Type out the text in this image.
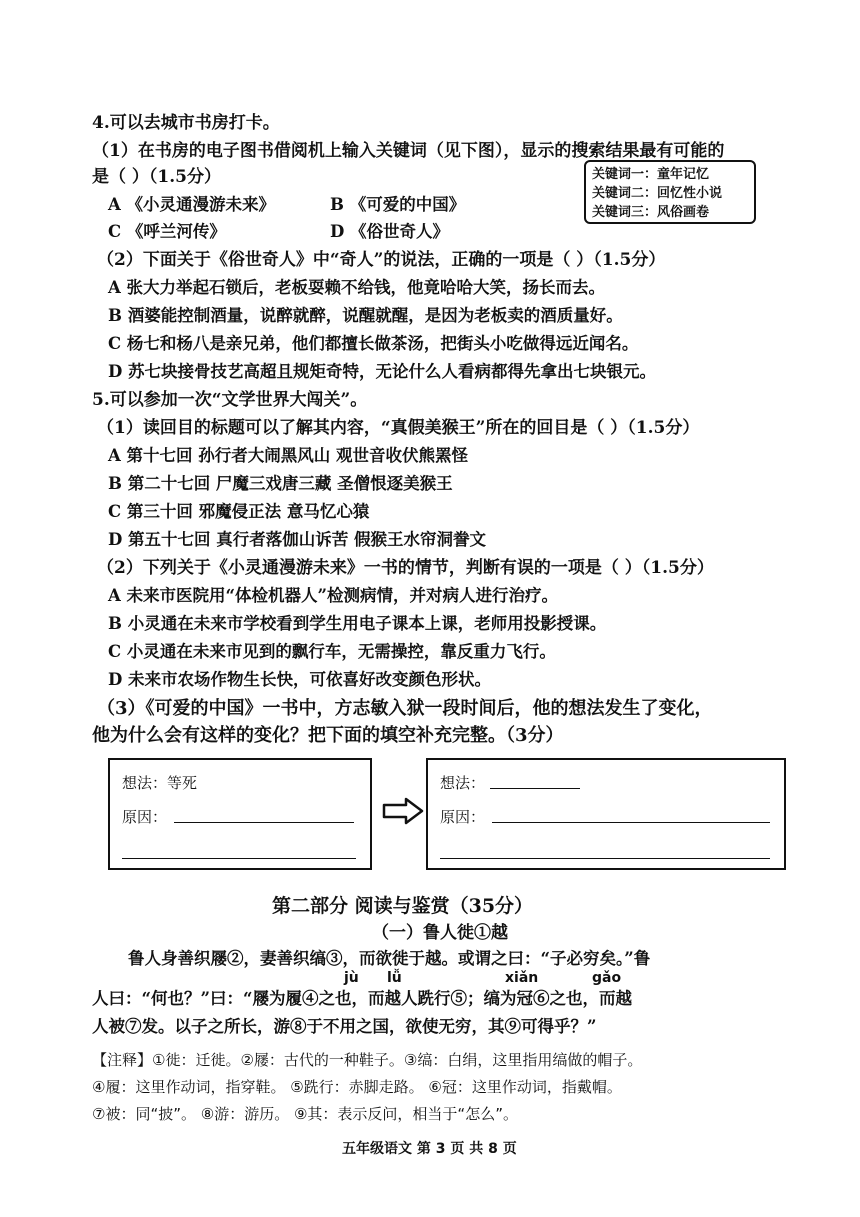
4.可以去城市书房打卡。
（1）在书房的电子图书借阅机上输入关键词（见下图），显示的搜索结果最有可能的
是（ ）（1.5分）	关键词一：童年记忆
关键词二：回忆性小说
关键词三：风俗画卷
A 《小灵通漫游未来》	B 《可爱的中国》
C 《呼兰河传》	D 《俗世奇人》
（2）下面关于《俗世奇人》中“奇人”的说法，正确的一项是（ ）（1.5分）
A 张大力举起石锁后，老板耍赖不给钱，他竟哈哈大笑，扬长而去。
B 酒婆能控制酒量，说醉就醉，说醒就醒，是因为老板卖的酒质量好。
C 杨七和杨八是亲兄弟，他们都擅长做茶汤，把街头小吃做得远近闻名。
D 苏七块接骨技艺高超且规矩奇特，无论什么人看病都得先拿出七块银元。
5.可以参加一次“文学世界大闯关”。
（1）读回目的标题可以了解其内容，“真假美猴王”所在的回目是（ ）（1.5分）
A 第十七回 孙行者大闹黑风山 观世音收伏熊罴怪
B 第二十七回 尸魔三戏唐三藏 圣僧恨逐美猴王
C 第三十回 邪魔侵正法 意马忆心猿
D 第五十七回 真行者落伽山诉苦 假猴王水帘洞誊文
（2）下列关于《小灵通漫游未来》一书的情节，判断有误的一项是（ ）（1.5分）
A 未来市医院用“体检机器人”检测病情，并对病人进行治疗。
B 小灵通在未来市学校看到学生用电子课本上课，老师用投影授课。
C 小灵通在未来市见到的飘行车，无需操控，靠反重力飞行。
D 未来市农场作物生长快，可依喜好改变颜色形状。
（3）《可爱的中国》一书中，方志敏入狱一段时间后，他的想法发生了变化，
他为什么会有这样的变化？把下面的填空补充完整。（3分）
想法：等死
原因：
想法：
原因：
第二部分 阅读与鉴赏（35分）
（一）鲁人徙①越
鲁人身善织屦②，妻善织缟③，而欲徙于越。或谓之曰：“子必穷矣。”鲁
jù lǚ	xiǎn	gǎo
人曰：“何也？”曰：“屦为履④之也，而越人跣行⑤；缟为冠⑥之也，而越
人被⑦发。以子之所长，游⑧于不用之国，欲使无穷，其⑨可得乎？”
【注释】①徙：迁徙。②屦：古代的一种鞋子。③缟：白绢，这里指用缟做的帽子。
④履：这里作动词，指穿鞋。 ⑤跣行：赤脚走路。 ⑥冠：这里作动词，指戴帽。
⑦被：同“披”。 ⑧游：游历。 ⑨其：表示反问，相当于“怎么”。
五年级语文 第 3 页 共 8 页
